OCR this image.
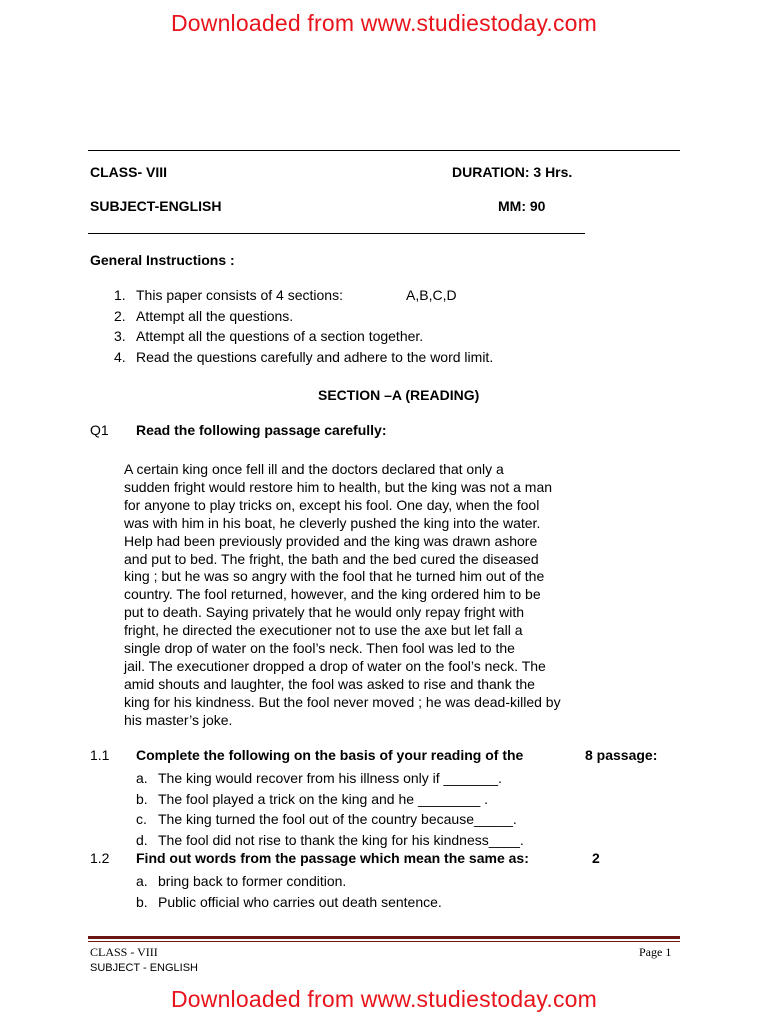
Downloaded from www.studiestoday.com
CLASS- VIII	DURATION: 3 Hrs.
SUBJECT-ENGLISH	MM: 90
General Instructions :
1. This paper consists of 4 sections:	A,B,C,D
2. Attempt all the questions.
3. Attempt all the questions of a section together.
4. Read the questions carefully and adhere to the word limit.
SECTION –A (READING)
Q1 Read the following passage carefully:
A certain king once fell ill and the doctors declared that only a
sudden fright would restore him to health, but the king was not a man
for anyone to play tricks on, except his fool. One day, when the fool
was with him in his boat, he cleverly pushed the king into the water.
Help had been previously provided and the king was drawn ashore
and put to bed. The fright, the bath and the bed cured the diseased
king ; but he was so angry with the fool that he turned him out of the
country. The fool returned, however, and the king ordered him to be
put to death. Saying privately that he would only repay fright with
fright, he directed the executioner not to use the axe but let fall a
single drop of water on the fool’s neck. Then fool was led to the
jail. The executioner dropped a drop of water on the fool’s neck. The
amid shouts and laughter, the fool was asked to rise and thank the
king for his kindness. But the fool never moved ; he was dead-killed by
his master’s joke.
1.1 Complete the following on the basis of your reading of the	8 passage:
a. The king would recover from his illness only if _______.
b. The fool played a trick on the king and he ________ .
c. The king turned the fool out of the country because_____.
d. The fool did not rise to thank the king for his kindness____.
1.2 Find out words from the passage which mean the same as:	2
a. bring back to former condition.
b. Public official who carries out death sentence.
CLASS - VIII	Page 1
SUBJECT - ENGLISH
Downloaded from www.studiestoday.com
